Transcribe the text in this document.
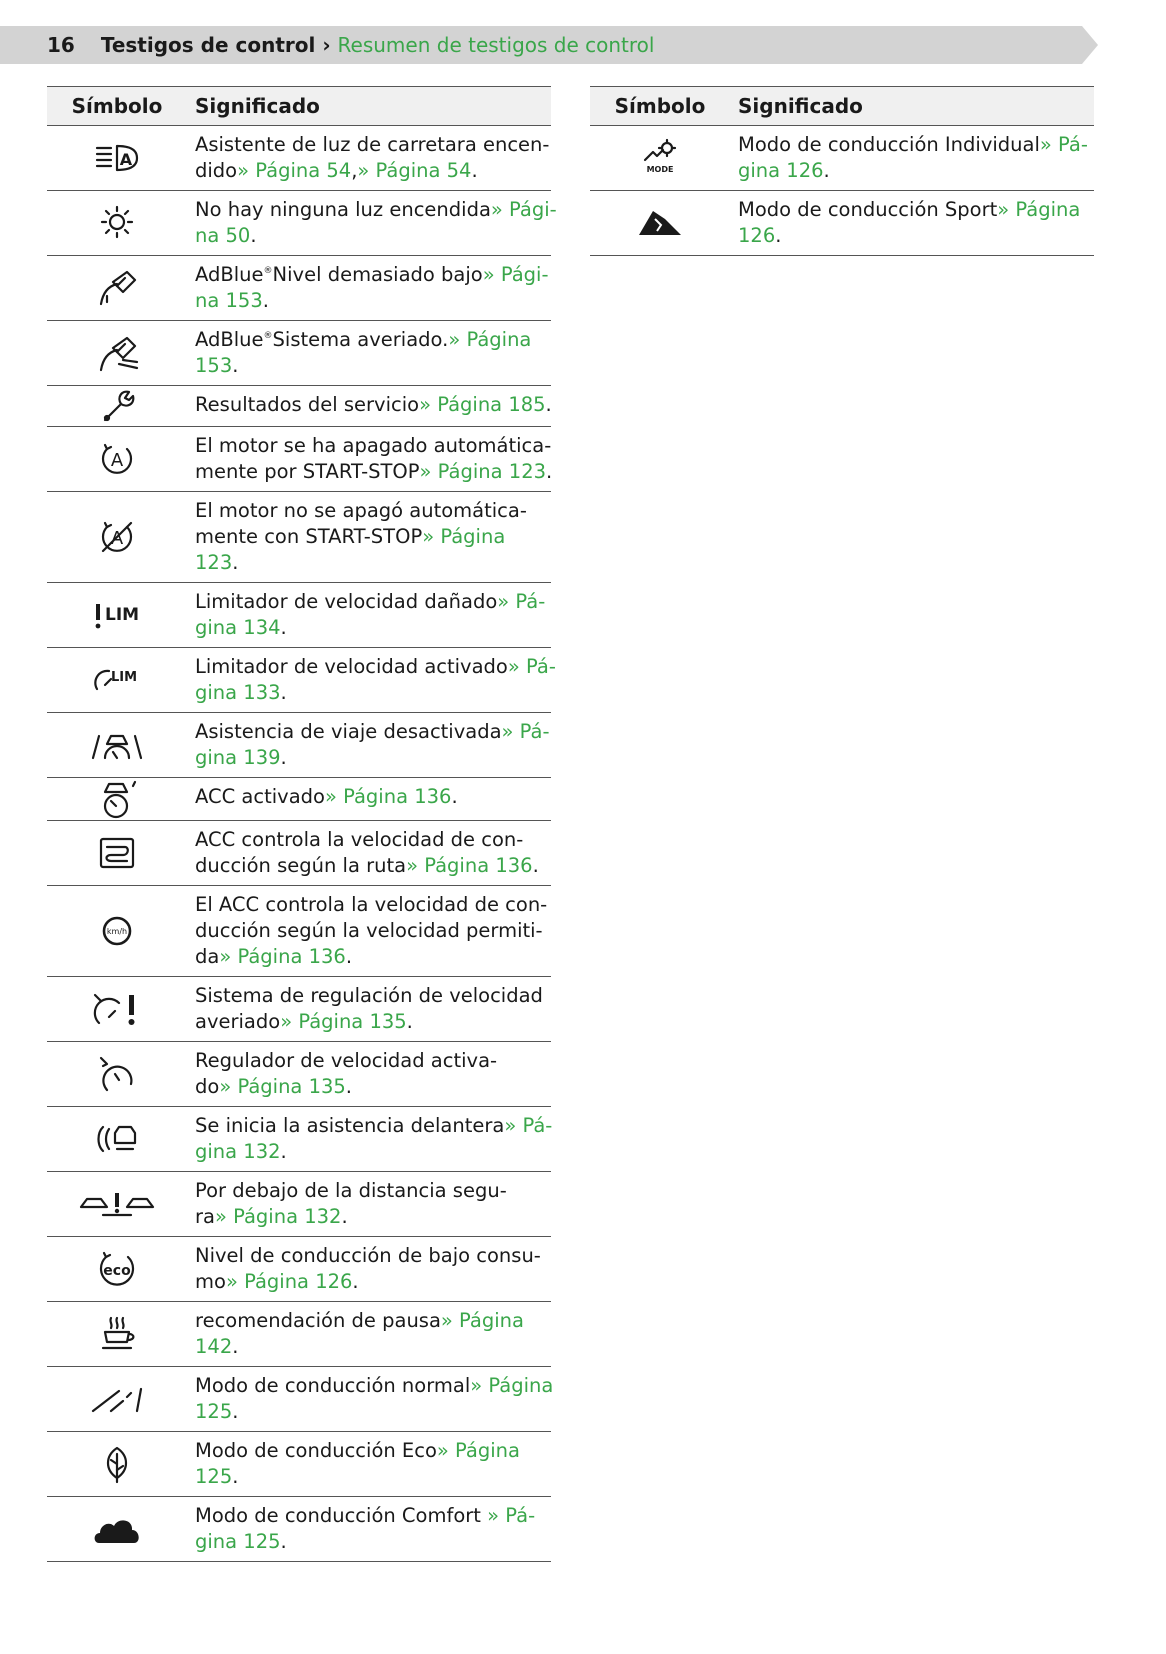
16 Testigos de control › Resumen de testigos de control
Símbolo	Significado

A	Asistente de luz de carretara encen-
dido» Página 54,» Página 54.

No hay ninguna luz encendida» Pági-
na 50.

AdBlue®Nivel demasiado bajo» Pági-
na 153.

AdBlue®Sistema averiado.» Página
153.

Resultados del servicio» Página 185.

A	El motor se ha apagado automática-
mente por START-STOP» Página 123.

A	El motor no se apagó automática-
mente con START-STOP» Página
123.

LIM	Limitador de velocidad dañado» Pá-
gina 134.

LIM	Limitador de velocidad activado» Pá-
gina 133.

Asistencia de viaje desactivada» Pá-
gina 139.

ACC activado» Página 136.

ACC controla la velocidad de con-
ducción según la ruta» Página 136.

km/h	El ACC controla la velocidad de con-
ducción según la velocidad permiti-
da» Página 136.

Sistema de regulación de velocidad
averiado» Página 135.

Regulador de velocidad activa-
do» Página 135.

Se inicia la asistencia delantera» Pá-
gina 132.

Por debajo de la distancia segu-
ra» Página 132.

eco	Nivel de conducción de bajo consu-
mo» Página 126.

recomendación de pausa» Página
142.

Modo de conducción normal» Página
125.

Modo de conducción Eco» Página
125.

Modo de conducción Comfort » Pá-
gina 125.
Símbolo	Significado

MODE	Modo de conducción Individual» Pá-
gina 126.

Modo de conducción Sport» Página
126.
